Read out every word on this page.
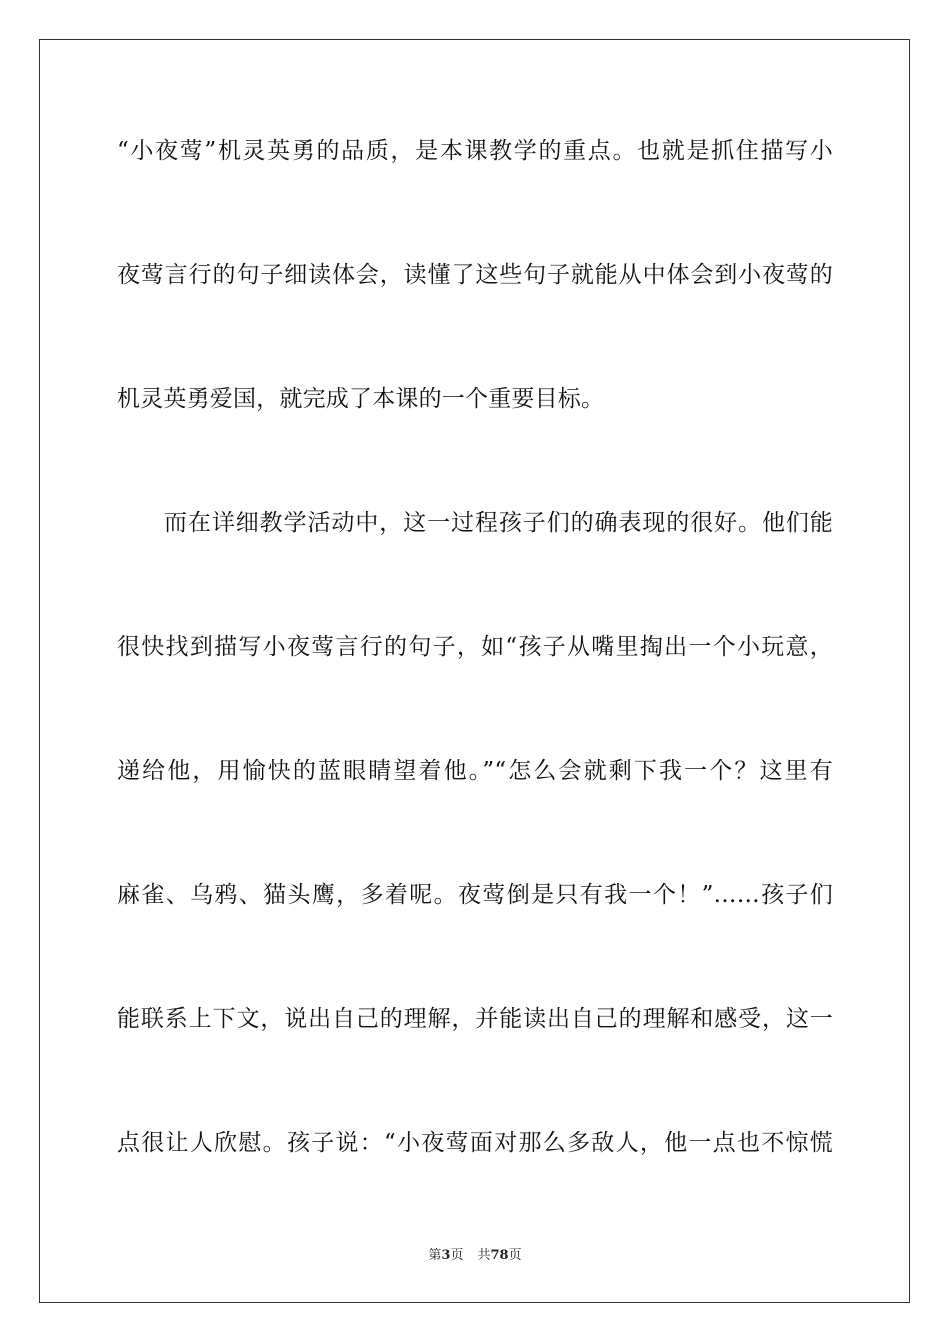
“小夜莺”机灵英勇的品质，是本课教学的重点。也就是抓住描写小
夜莺言行的句子细读体会，读懂了这些句子就能从中体会到小夜莺的
机灵英勇爱国，就完成了本课的一个重要目标。
而在详细教学活动中，这一过程孩子们的确表现的很好。他们能
很快找到描写小夜莺言行的句子，如“孩子从嘴里掏出一个小玩意，
递给他，用愉快的蓝眼睛望着他。”“怎么会就剩下我一个？这里有
麻雀、乌鸦、猫头鹰，多着呢。夜莺倒是只有我一个！”……孩子们
能联系上下文，说出自己的理解，并能读出自己的理解和感受，这一
点很让人欣慰。孩子说：“小夜莺面对那么多敌人，他一点也不惊慌
第3页 共78页
